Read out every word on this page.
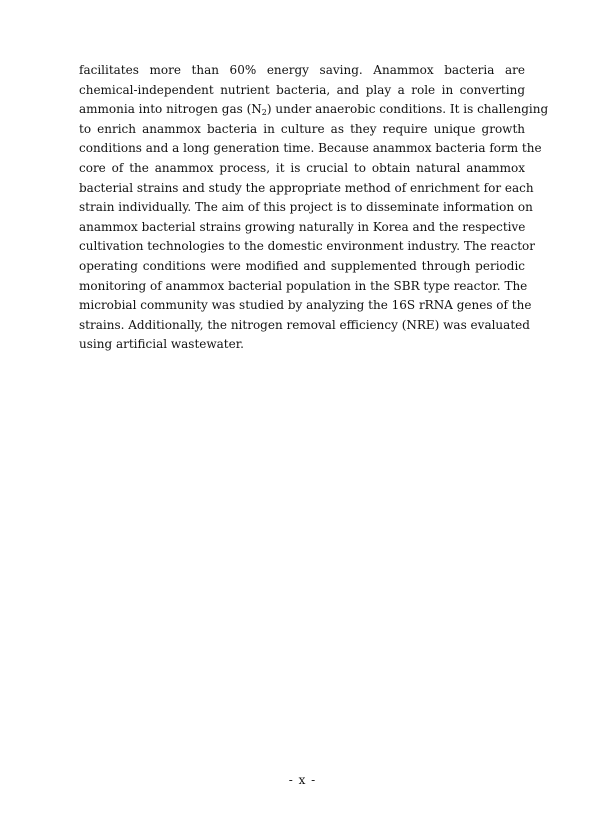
facilitates more than 60% energy saving. Anammox bacteria are
chemical-independent nutrient bacteria, and play a role in converting
ammonia into nitrogen gas $(N_2)$ under anaerobic conditions. It is challenging
to enrich anammox bacteria in culture as they require unique growth
conditions and a long generation time. Because anammox bacteria form the
core of the anammox process, it is crucial to obtain natural anammox
bacterial strains and study the appropriate method of enrichment for each
strain individually. The aim of this project is to disseminate information on
anammox bacterial strains growing naturally in Korea and the respective
cultivation technologies to the domestic environment industry. The reactor
operating conditions were modified and supplemented through periodic
monitoring of anammox bacterial population in the SBR type reactor. The
microbial community was studied by analyzing the 16S rRNA genes of the
strains. Additionally, the nitrogen removal efficiency (NRE) was evaluated
using artificial wastewater.
- x -
